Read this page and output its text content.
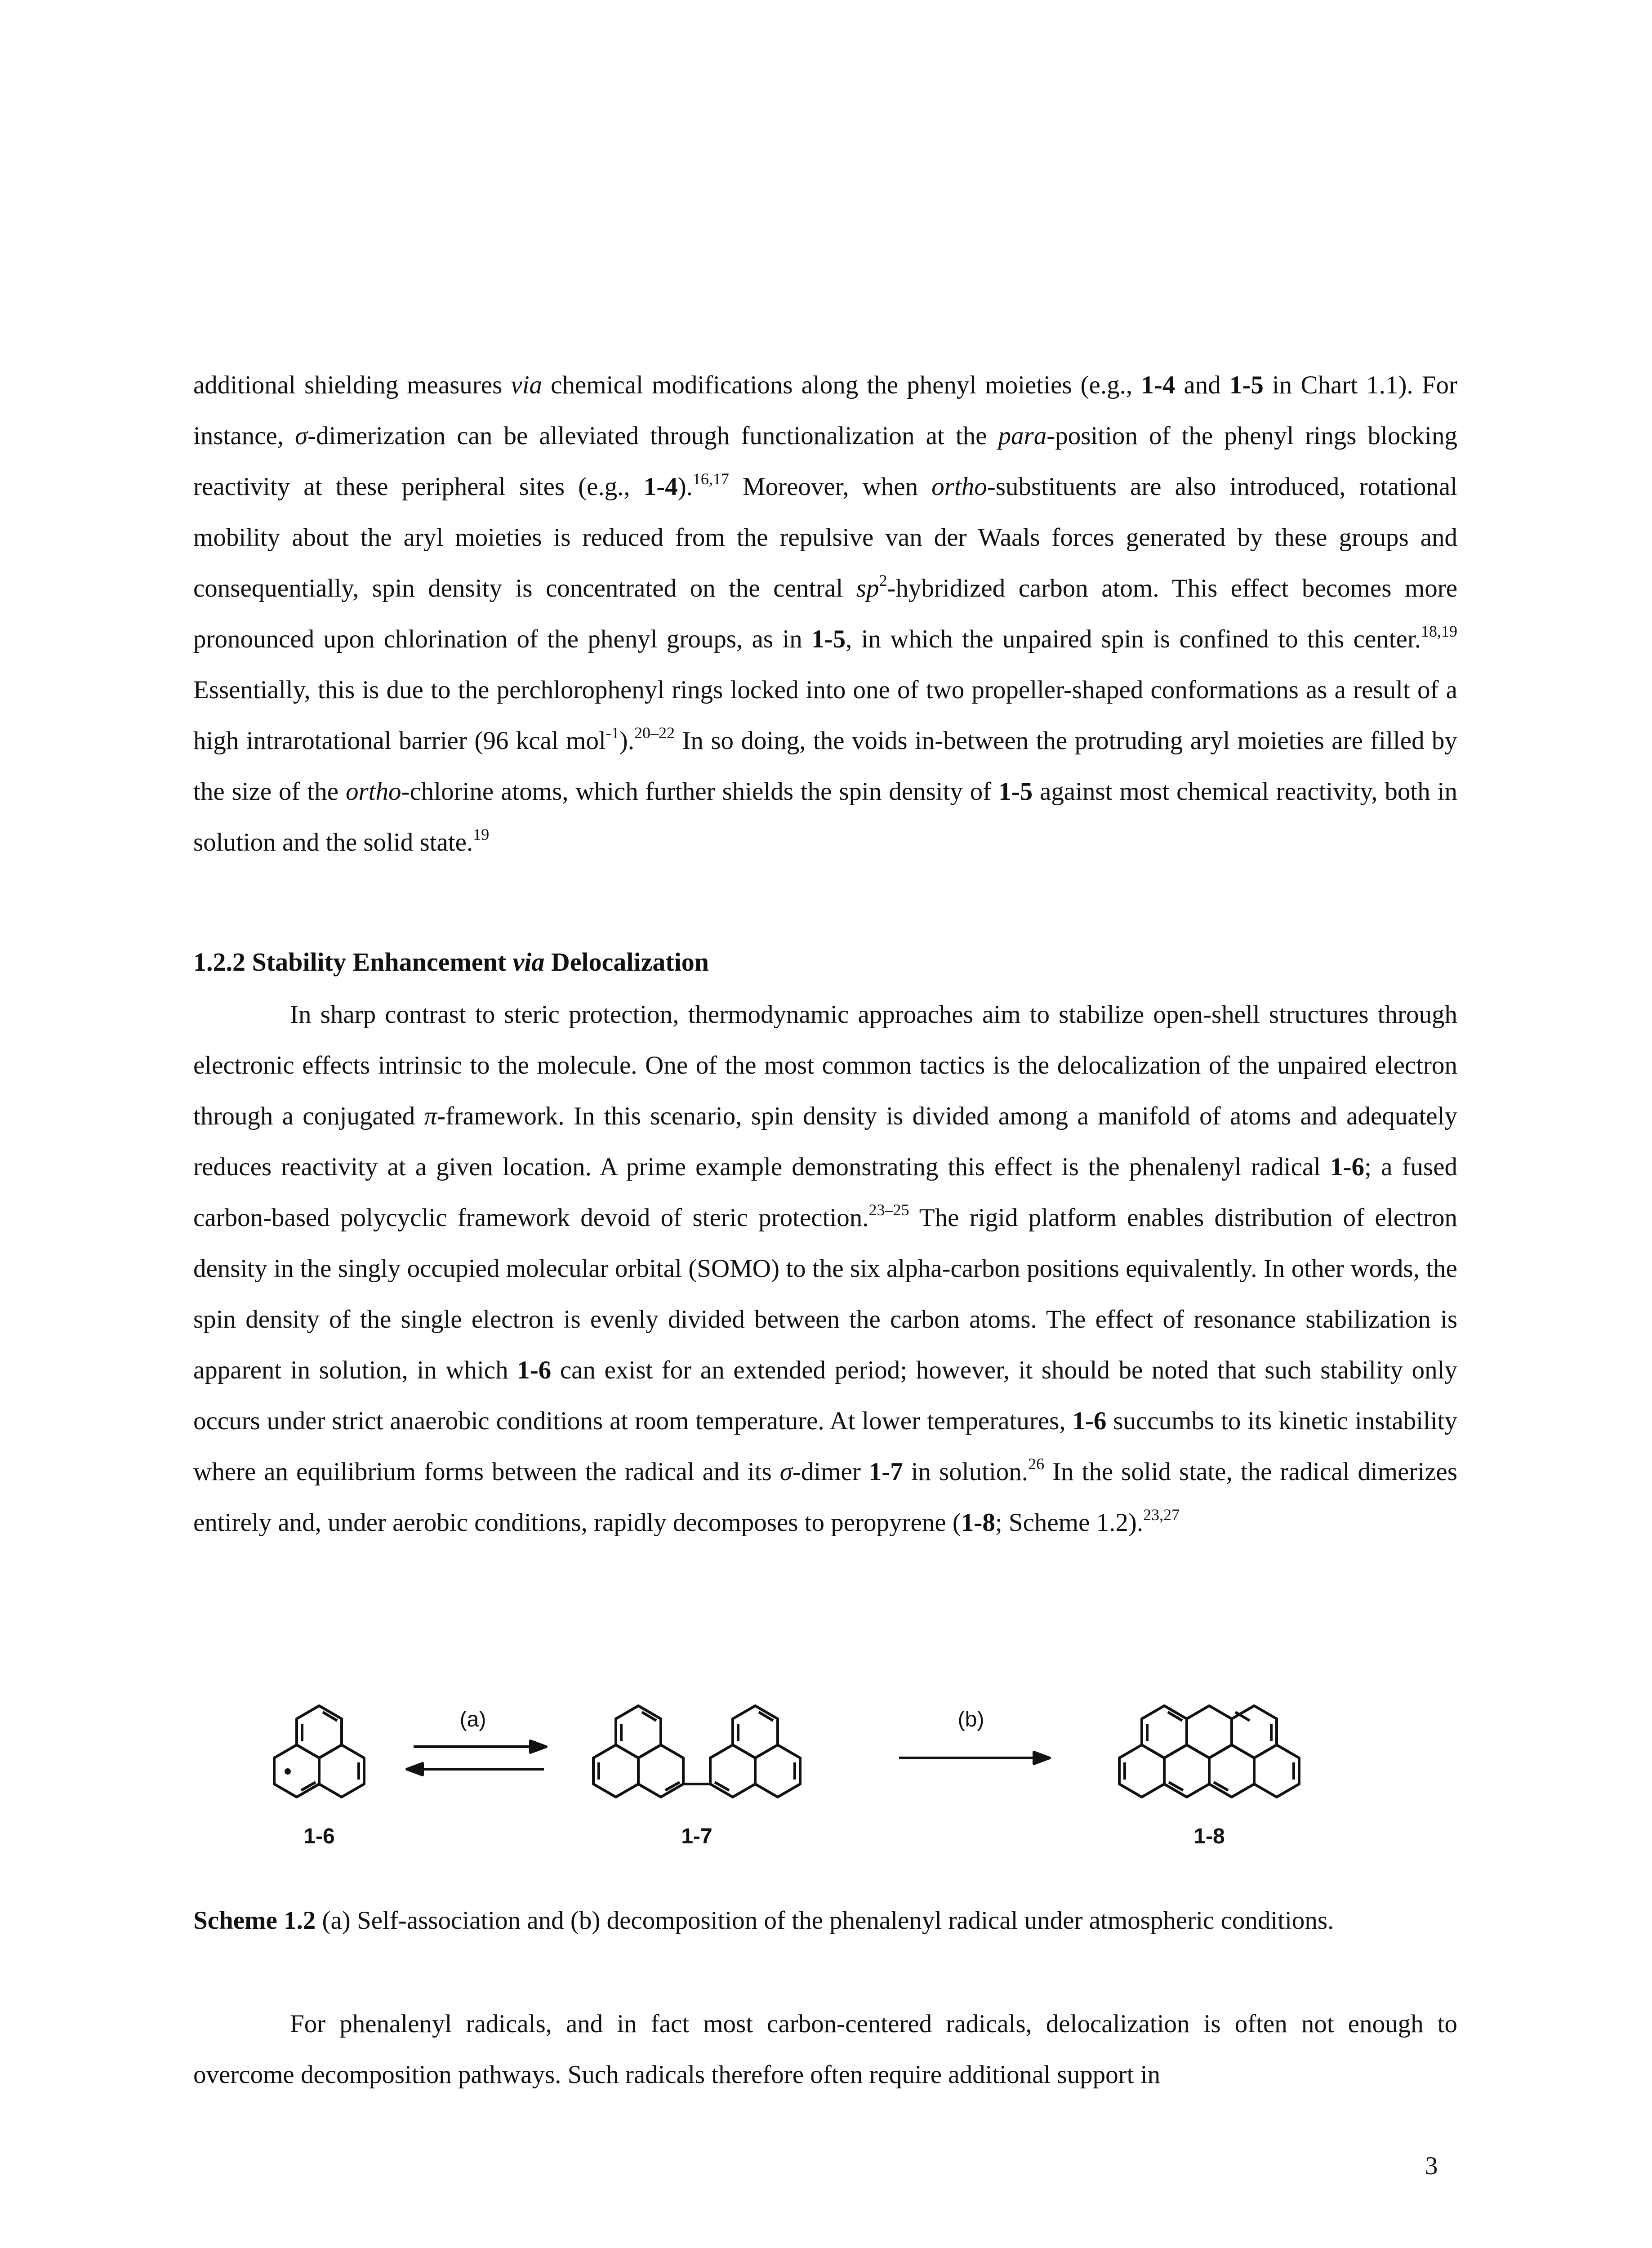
additional shielding measures via chemical modifications along the phenyl moieties (e.g., 1-4 and 1-5 in Chart 1.1). For instance, σ-dimerization can be alleviated through functionalization at the para-position of the phenyl rings blocking reactivity at these peripheral sites (e.g., 1-4).$^{16,17}$ Moreover, when ortho-substituents are also introduced, rotational mobility about the aryl moieties is reduced from the repulsive van der Waals forces generated by these groups and consequentially, spin density is concentrated on the central $sp^2$-hybridized carbon atom. This effect becomes more pronounced upon chlorination of the phenyl groups, as in 1-5, in which the unpaired spin is confined to this center.$^{18,19}$ Essentially, this is due to the perchlorophenyl rings locked into one of two propeller-shaped conformations as a result of a high intrarotational barrier (96 kcal mol$^{-1}$).$^{20-22}$ In so doing, the voids in-between the protruding aryl moieties are filled by the size of the ortho-chlorine atoms, which further shields the spin density of 1-5 against most chemical reactivity, both in solution and the solid state.$^{19}$

1.2.2 Stability Enhancement via Delocalization

In sharp contrast to steric protection, thermodynamic approaches aim to stabilize open-shell structures through electronic effects intrinsic to the molecule. One of the most common tactics is the delocalization of the unpaired electron through a conjugated π-framework. In this scenario, spin density is divided among a manifold of atoms and adequately reduces reactivity at a given location. A prime example demonstrating this effect is the phenalenyl radical 1-6; a fused carbon-based polycyclic framework devoid of steric protection.$^{23-25}$ The rigid platform enables distribution of electron density in the singly occupied molecular orbital (SOMO) to the six alpha-carbon positions equivalently. In other words, the spin density of the single electron is evenly divided between the carbon atoms. The effect of resonance stabilization is apparent in solution, in which 1-6 can exist for an extended period; however, it should be noted that such stability only occurs under strict anaerobic conditions at room temperature. At lower temperatures, 1-6 succumbs to its kinetic instability where an equilibrium forms between the radical and its σ-dimer 1-7 in solution.$^{26}$ In the solid state, the radical dimerizes entirely and, under aerobic conditions, rapidly decomposes to peropyrene (1-8; Scheme 1.2).$^{23,27}$

(a)	(b)
1-6	1-7	1-8
Scheme 1.2 (a) Self-association and (b) decomposition of the phenalenyl radical under atmospheric conditions.

For phenalenyl radicals, and in fact most carbon-centered radicals, delocalization is often not enough to overcome decomposition pathways. Such radicals therefore often require additional support in

3
